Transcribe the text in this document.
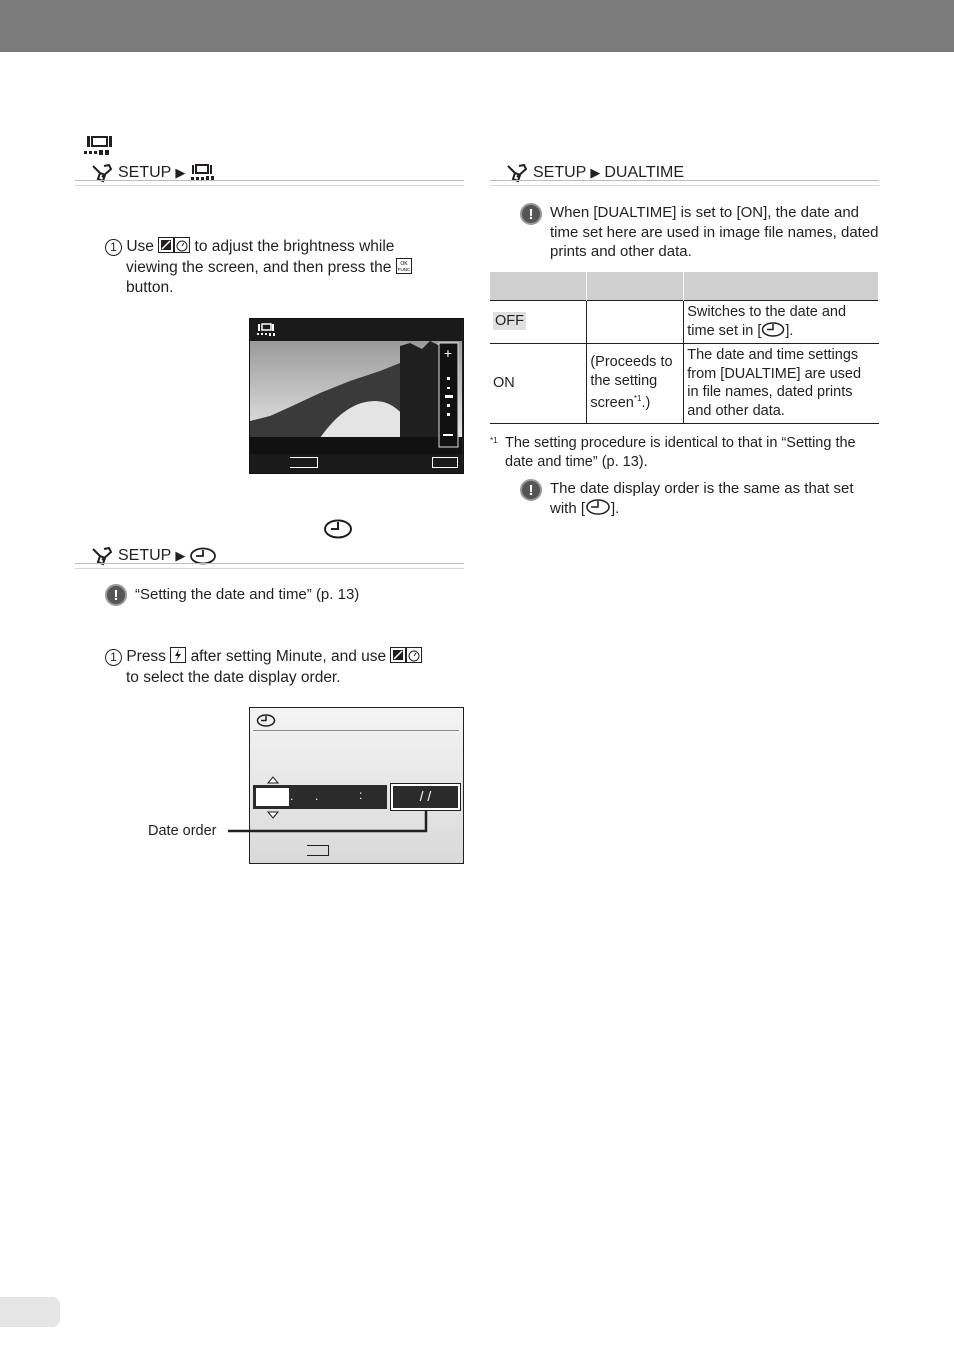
SETUP ▶
1 Use	to adjust the brightness while
viewing the screen, and then press the OK
FUNC
button.
+
SETUP ▶
!	“Setting the date and time” (p. 13)
1 Press after setting Minute, and use
to select the date display order.
. .	:	/ /
Date order
SETUP ▶ DUALTIME
!	When [DUALTIME] is set to [ON], the date and time set here are used in image file names, dated prints and other data.

OFF		Switches to the date and time set in [ ].
ON	(Proceeds to the setting screen$^{*1}$.)	The date and time settings from [DUALTIME] are used in file names, dated prints and other data.
*1 The setting procedure is identical to that in “Setting the date and time” (p. 13).
!	The date display order is the same as that set with [ ].
